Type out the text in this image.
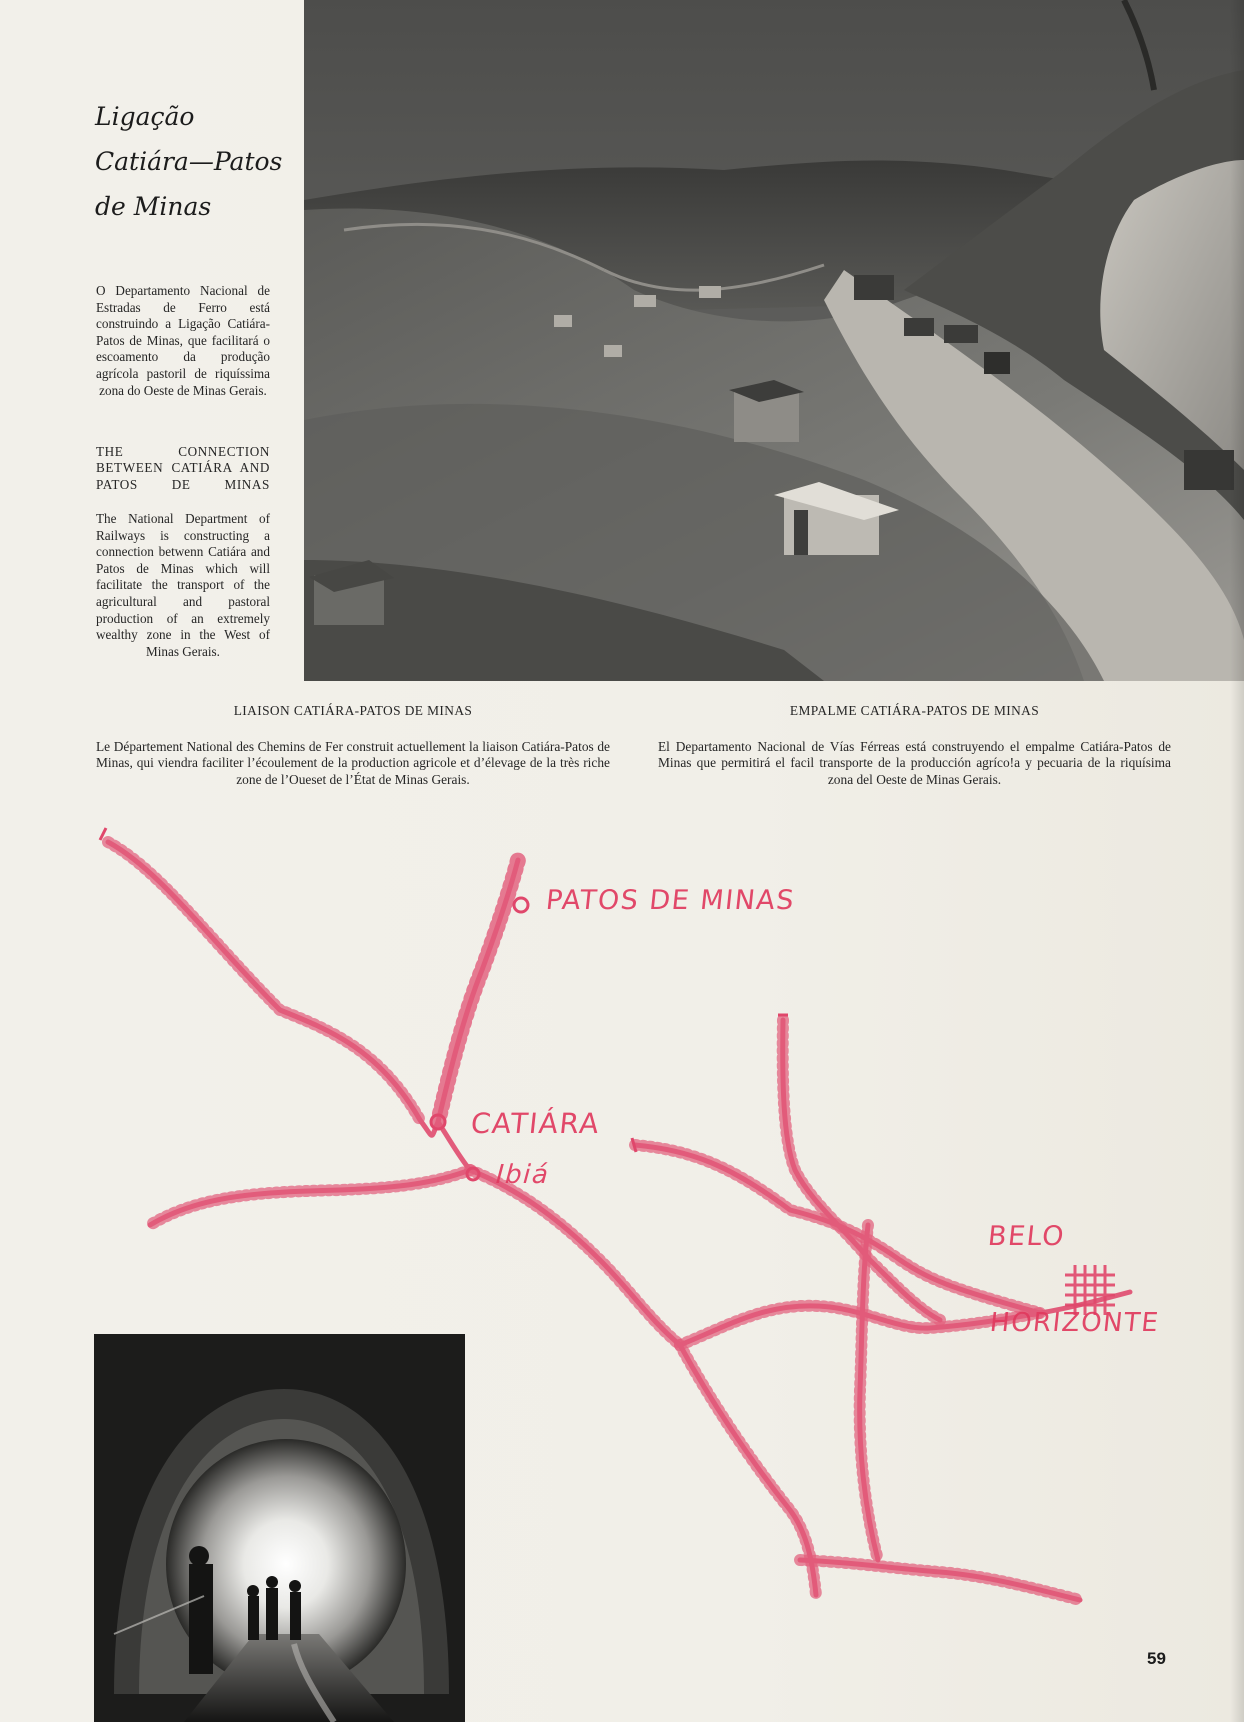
Ligação
Catiára—Patos
de Minas
O Departamento Nacional de Estradas de Ferro está construindo a Ligação Catiára-Patos de Minas, que facilitará o escoamento da produção agrícola pastoril de riquíssima zona do Oeste de Minas Gerais.
THE CONNECTION BETWEEN CATIÁRA AND PATOS DE MINAS
The National Department of Railways is constructing a connection betwenn Catiára and Patos de Minas which will facilitate the transport of the agricultural and pastoral production of an extremely wealthy zone in the West of Minas Gerais.
LIAISON CATIÁRA-PATOS DE MINAS
Le Département National des Chemins de Fer construit actuellement la liaison Catiára-Patos de Minas, qui viendra faciliter l’écoulement de la production agricole et d’élevage de la très riche zone de l’Oueset de l’État de Minas Gerais.
EMPALME CATIÁRA-PATOS DE MINAS
El Departamento Nacional de Vías Férreas está construyendo el empalme Catiára-Patos de Minas que permitirá el facil transporte de la producción agríco!a y pecuaria de la riquísima zona del Oeste de Minas Gerais.
PATOS DE MINAS
CATIÁRA
Ibiá
BELO
HORIZONTE
59
